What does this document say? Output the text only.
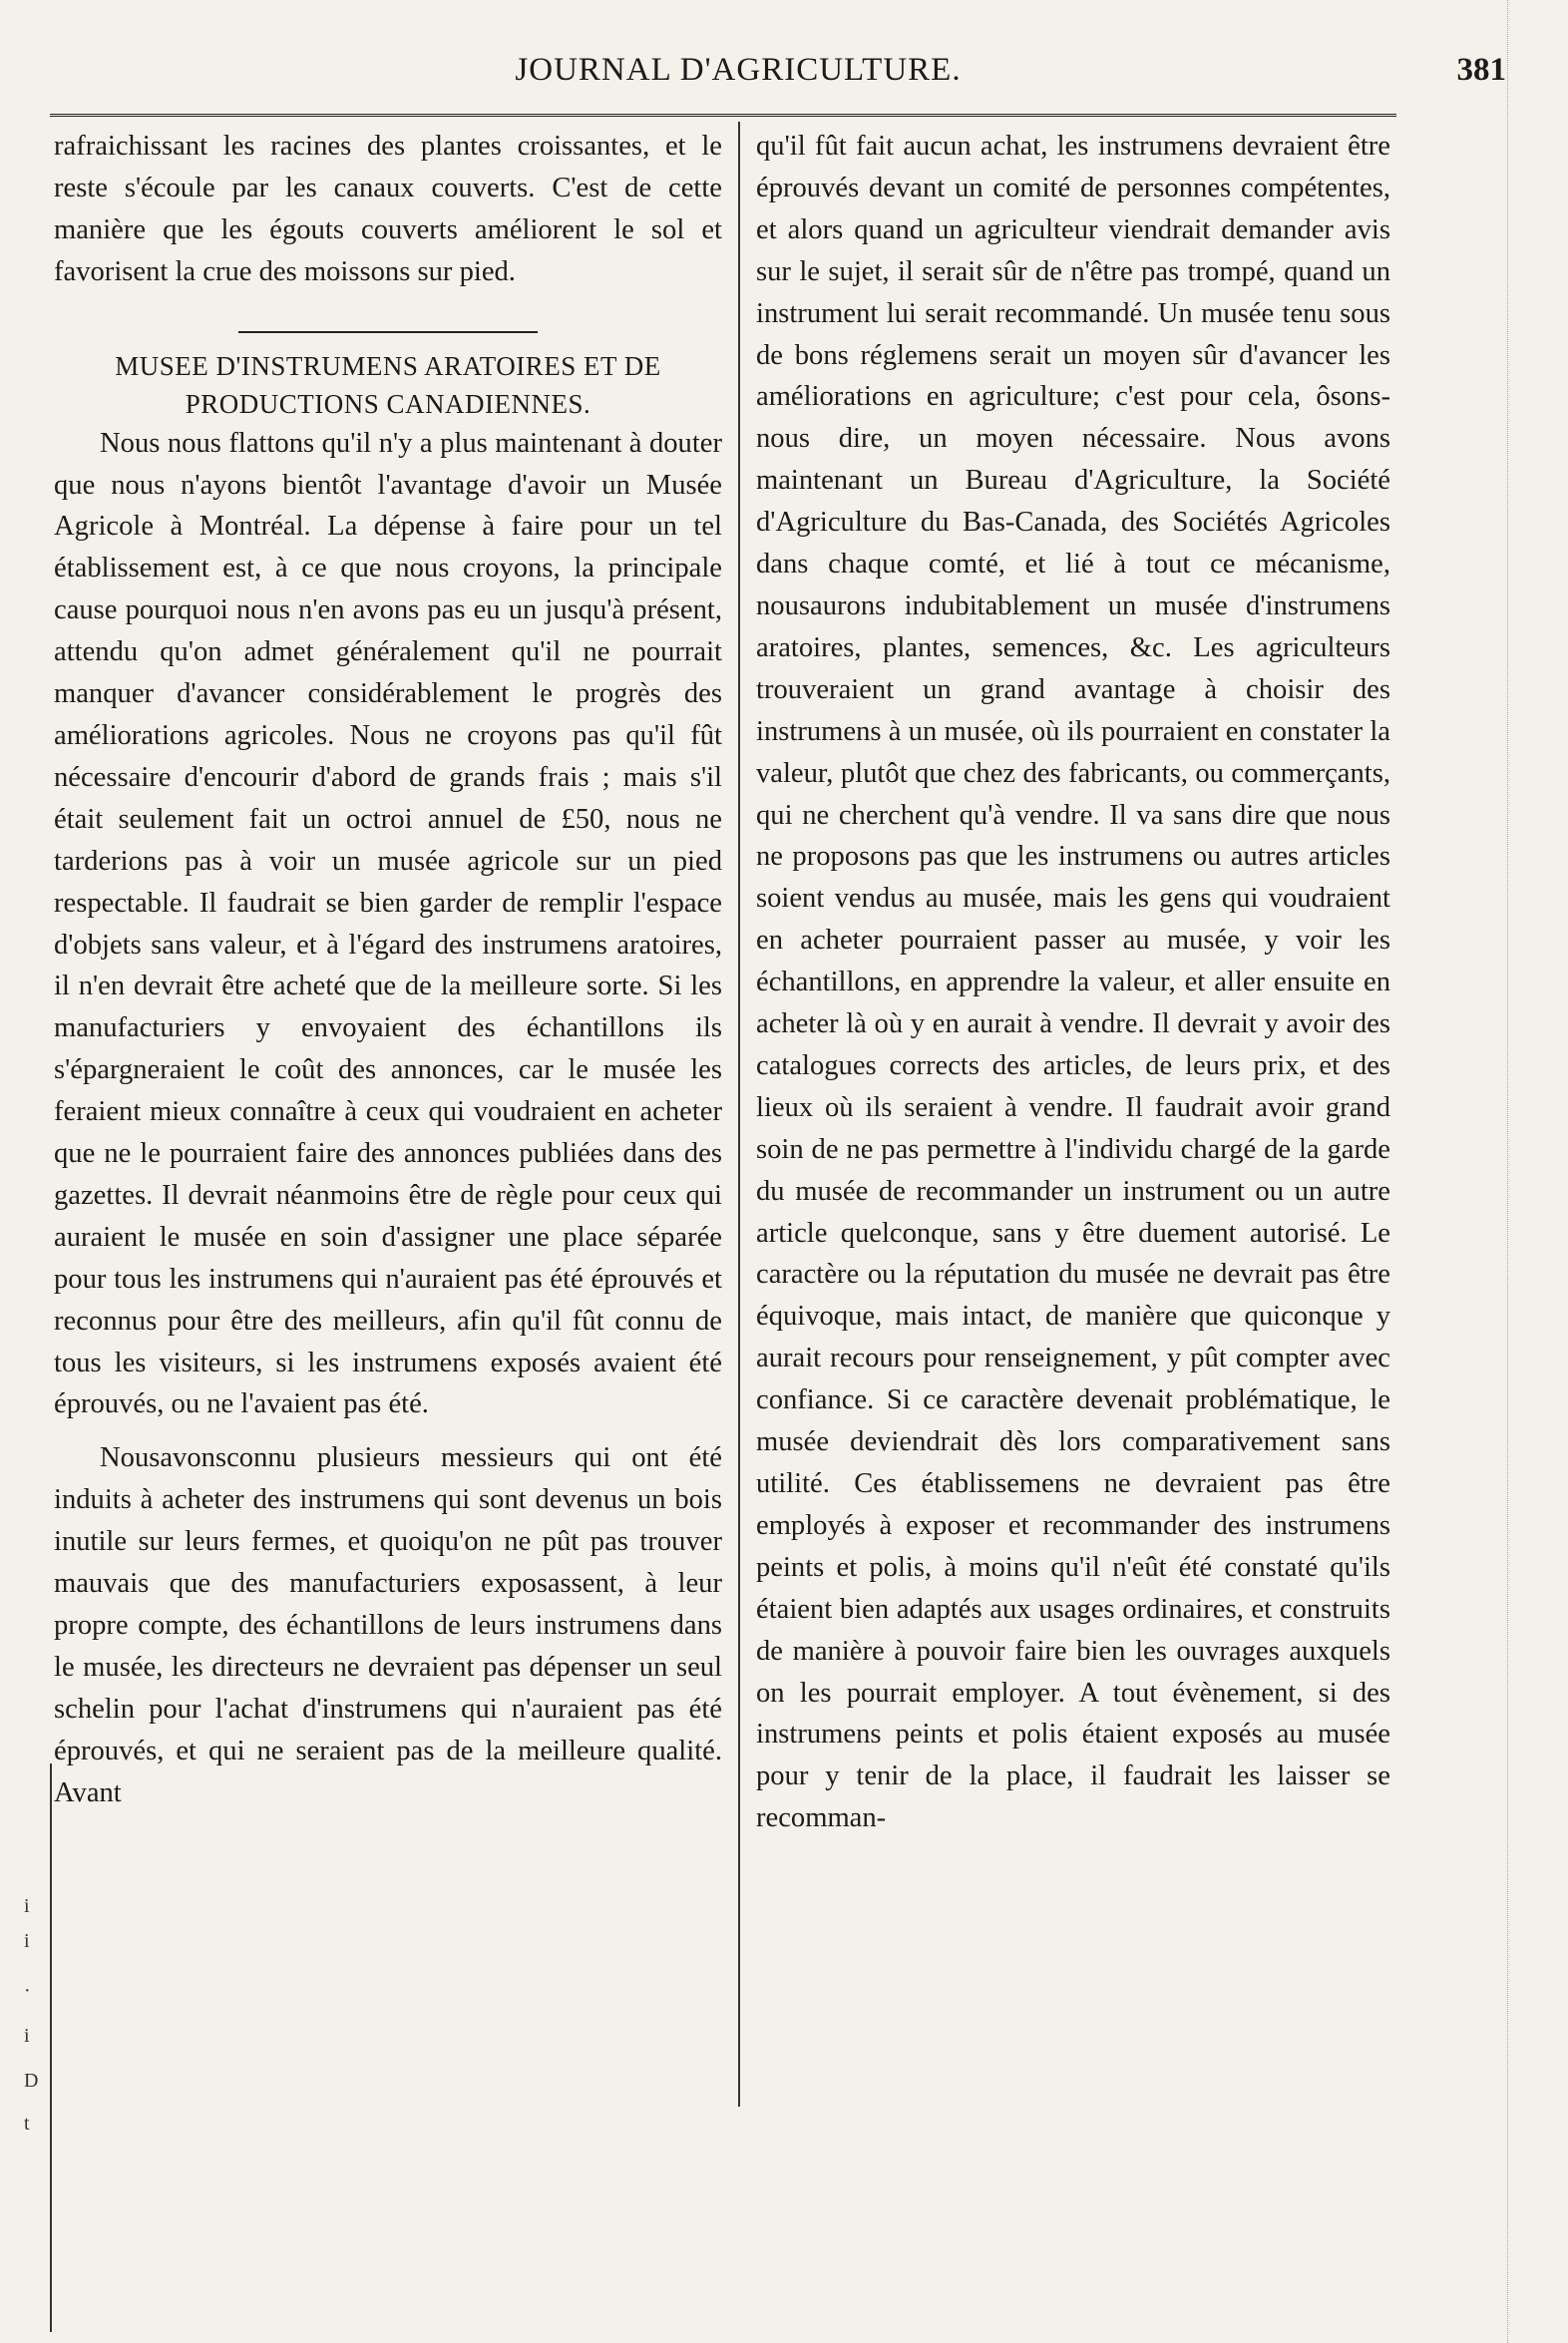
JOURNAL D'AGRICULTURE.	381

rafraichissant les racines des plantes croissantes, et le reste s'écoule par les canaux couverts. C'est de cette manière que les égouts couverts améliorent le sol et favorisent la crue des moissons sur pied.

MUSEE D'INSTRUMENS ARATOIRES ET DE
PRODUCTIONS CANADIENNES.

Nous nous flattons qu'il n'y a plus maintenant à douter que nous n'ayons bientôt l'avantage d'avoir un Musée Agricole à Montréal. La dépense à faire pour un tel établissement est, à ce que nous croyons, la principale cause pourquoi nous n'en avons pas eu un jusqu'à présent, attendu qu'on admet généralement qu'il ne pourrait manquer d'avancer considérablement le progrès des améliorations agricoles. Nous ne croyons pas qu'il fût nécessaire d'encourir d'abord de grands frais ; mais s'il était seulement fait un octroi annuel de £50, nous ne tarderions pas à voir un musée agricole sur un pied respectable. Il faudrait se bien garder de remplir l'espace d'objets sans valeur, et à l'égard des instrumens aratoires, il n'en devrait être acheté que de la meilleure sorte. Si les manufacturiers y envoyaient des échantillons ils s'épargneraient le coût des annonces, car le musée les feraient mieux connaître à ceux qui voudraient en acheter que ne le pourraient faire des annonces publiées dans des gazettes. Il devrait néanmoins être de règle pour ceux qui auraient le musée en soin d'assigner une place séparée pour tous les instrumens qui n'auraient pas été éprouvés et reconnus pour être des meilleurs, afin qu'il fût connu de tous les visiteurs, si les instrumens exposés avaient été éprouvés, ou ne l'avaient pas été.

Nousavonsconnu plusieurs messieurs qui ont été induits à acheter des instrumens qui sont devenus un bois inutile sur leurs fermes, et quoiqu'on ne pût pas trouver mauvais que des manufacturiers exposassent, à leur propre compte, des échantillons de leurs instrumens dans le musée, les directeurs ne devraient pas dépenser un seul schelin pour l'achat d'instrumens qui n'auraient pas été éprouvés, et qui ne seraient pas de la meilleure qualité. Avant

qu'il fût fait aucun achat, les instrumens devraient être éprouvés devant un comité de personnes compétentes, et alors quand un agriculteur viendrait demander avis sur le sujet, il serait sûr de n'être pas trompé, quand un instrument lui serait recommandé. Un musée tenu sous de bons réglemens serait un moyen sûr d'avancer les améliorations en agriculture; c'est pour cela, ôsons-nous dire, un moyen nécessaire. Nous avons maintenant un Bureau d'Agriculture, la Société d'Agriculture du Bas-Canada, des Sociétés Agricoles dans chaque comté, et lié à tout ce mécanisme, nousaurons indubitablement un musée d'instrumens aratoires, plantes, semences, &c. Les agriculteurs trouveraient un grand avantage à choisir des instrumens à un musée, où ils pourraient en constater la valeur, plutôt que chez des fabricants, ou commerçants, qui ne cherchent qu'à vendre. Il va sans dire que nous ne proposons pas que les instrumens ou autres articles soient vendus au musée, mais les gens qui voudraient en acheter pourraient passer au musée, y voir les échantillons, en apprendre la valeur, et aller ensuite en acheter là où y en aurait à vendre. Il devrait y avoir des catalogues corrects des articles, de leurs prix, et des lieux où ils seraient à vendre. Il faudrait avoir grand soin de ne pas permettre à l'individu chargé de la garde du musée de recommander un instrument ou un autre article quelconque, sans y être duement autorisé. Le caractère ou la réputation du musée ne devrait pas être équivoque, mais intact, de manière que quiconque y aurait recours pour renseignement, y pût compter avec confiance. Si ce caractère devenait problématique, le musée deviendrait dès lors comparativement sans utilité. Ces établissemens ne devraient pas être employés à exposer et recommander des instrumens peints et polis, à moins qu'il n'eût été constaté qu'ils étaient bien adaptés aux usages ordinaires, et construits de manière à pouvoir faire bien les ouvrages auxquels on les pourrait employer. A tout évènement, si des instrumens peints et polis étaient exposés au musée pour y tenir de la place, il faudrait les laisser se recomman-

i
i
·
i
D
t
